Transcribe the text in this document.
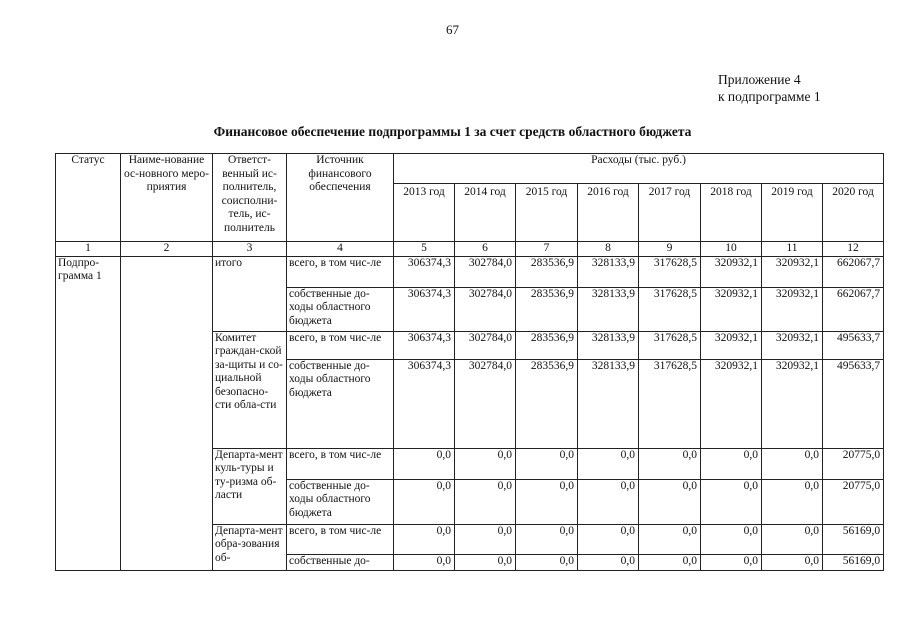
67
Приложение 4
к подпрограмме 1
Финансовое обеспечение подпрограммы 1 за счет средств областного бюджета
Статус	Наиме-нование ос-новного меро-приятия	Ответст-венный ис-полнитель, соисполни-тель, ис-полнитель	Источник финансового обеспечения	Расходы (тыс. руб.)							
				2013 год	2014 год	2015 год	2016 год	2017 год	2018 год	2019 год	2020 год
1	2	3	4	5	6	7	8	9	10	11	12
Подпро-грамма 1		итого	всего, в том чис-ле	306374,3	302784,0	283536,9	328133,9	317628,5	320932,1	320932,1	662067,7
			собственные до-ходы областного бюджета	306374,3	302784,0	283536,9	328133,9	317628,5	320932,1	320932,1	662067,7
		Комитет граждан-ской за-щиты и со-циальной безопасно-сти обла-сти	всего, в том чис-ле	306374,3	302784,0	283536,9	328133,9	317628,5	320932,1	320932,1	495633,7
			собственные до-ходы областного бюджета	306374,3	302784,0	283536,9	328133,9	317628,5	320932,1	320932,1	495633,7
		Департа-мент куль-туры и ту-ризма об-ласти	всего, в том чис-ле	0,0	0,0	0,0	0,0	0,0	0,0	0,0	20775,0
			собственные до-ходы областного бюджета	0,0	0,0	0,0	0,0	0,0	0,0	0,0	20775,0
		Департа-мент обра-зования об-	всего, в том чис-ле	0,0	0,0	0,0	0,0	0,0	0,0	0,0	56169,0
			собственные до-	0,0	0,0	0,0	0,0	0,0	0,0	0,0	56169,0
